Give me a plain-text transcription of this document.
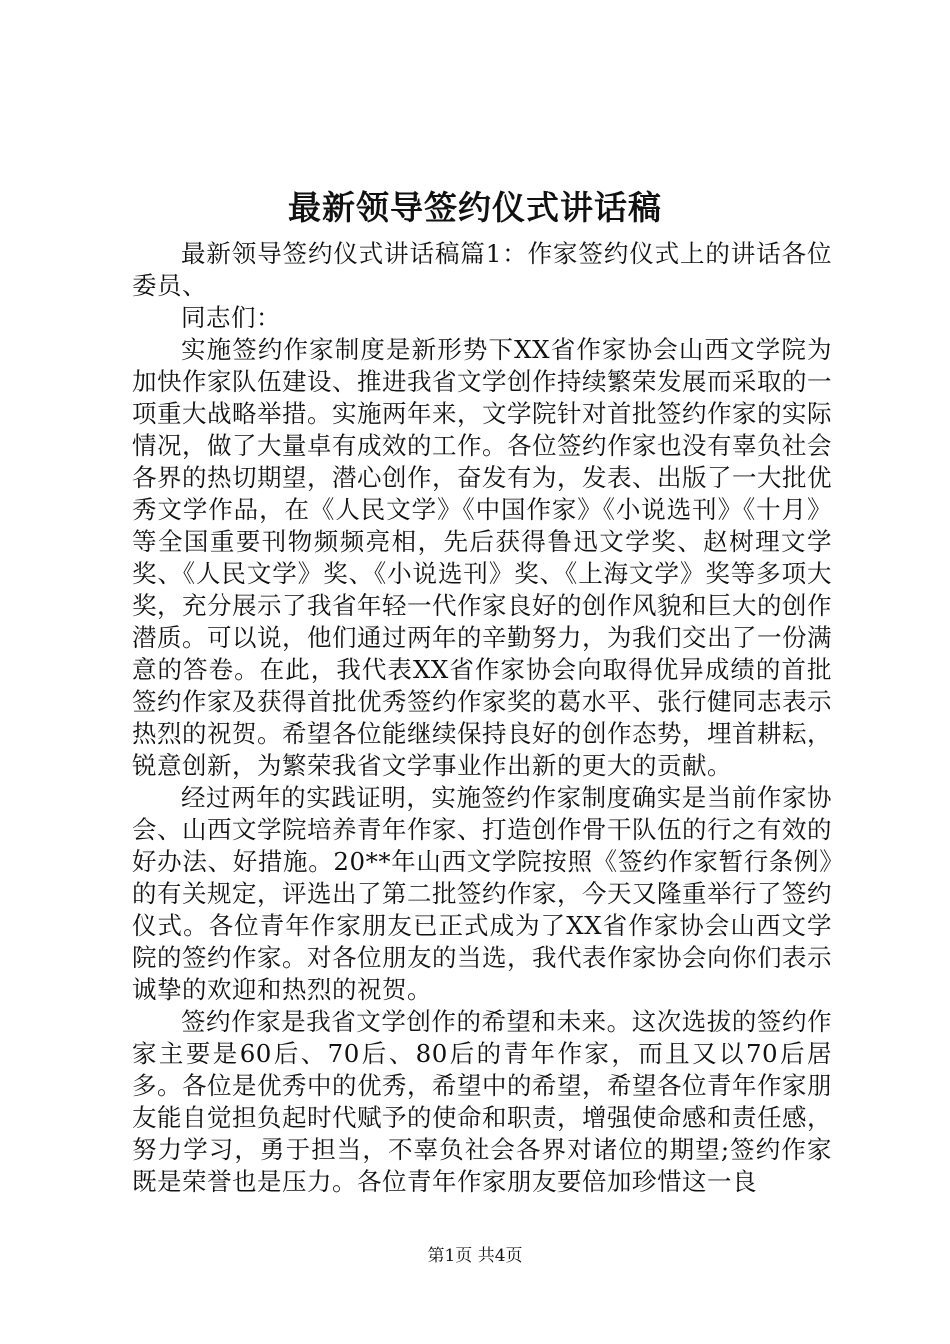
最新领导签约仪式讲话稿

最新领导签约仪式讲话稿篇1：作家签约仪式上的讲话各位委员、

同志们：

实施签约作家制度是新形势下XX省作家协会山西文学院为加快作家队伍建设、推进我省文学创作持续繁荣发展而采取的一项重大战略举措。实施两年来，文学院针对首批签约作家的实际情况，做了大量卓有成效的工作。各位签约作家也没有辜负社会各界的热切期望，潜心创作，奋发有为，发表、出版了一大批优秀文学作品，在《人民文学》《中国作家》《小说选刊》《十月》等全国重要刊物频频亮相，先后获得鲁迅文学奖、赵树理文学奖、《人民文学》奖、《小说选刊》奖、《上海文学》奖等多项大奖，充分展示了我省年轻一代作家良好的创作风貌和巨大的创作潜质。可以说，他们通过两年的辛勤努力，为我们交出了一份满意的答卷。在此，我代表XX省作家协会向取得优异成绩的首批签约作家及获得首批优秀签约作家奖的葛水平、张行健同志表示热烈的祝贺。希望各位能继续保持良好的创作态势，埋首耕耘，锐意创新，为繁荣我省文学事业作出新的更大的贡献。

经过两年的实践证明，实施签约作家制度确实是当前作家协会、山西文学院培养青年作家、打造创作骨干队伍的行之有效的好办法、好措施。20**年山西文学院按照《签约作家暂行条例》的有关规定，评选出了第二批签约作家，今天又隆重举行了签约仪式。各位青年作家朋友已正式成为了XX省作家协会山西文学院的签约作家。对各位朋友的当选，我代表作家协会向你们表示诚挚的欢迎和热烈的祝贺。

签约作家是我省文学创作的希望和未来。这次选拔的签约作家主要是60后、70后、80后的青年作家，而且又以70后居多。各位是优秀中的优秀，希望中的希望，希望各位青年作家朋友能自觉担负起时代赋予的使命和职责，增强使命感和责任感，努力学习，勇于担当，不辜负社会各界对诸位的期望;签约作家既是荣誉也是压力。各位青年作家朋友要倍加珍惜这一良

第1页 共4页
